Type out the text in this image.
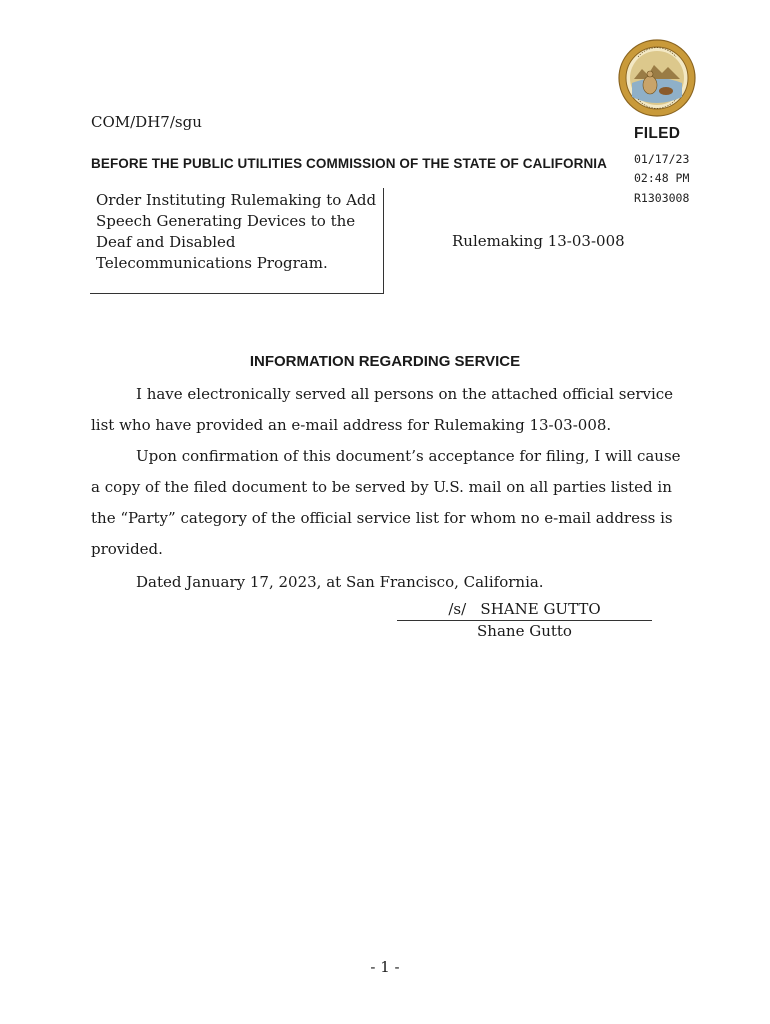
COM/DH7/sgu
FILED
BEFORE THE PUBLIC UTILITIES COMMISSION OF THE STATE OF CALIFORNIA 01/17/23
02:48 PM
R1303008
Order Instituting Rulemaking to Add Speech Generating Devices to the Deaf and Disabled Telecommunications Program.
Rulemaking 13-03-008
INFORMATION REGARDING SERVICE
I have electronically served all persons on the attached official service list who have provided an e-mail address for Rulemaking 13-03-008.
Upon confirmation of this document’s acceptance for filing, I will cause a copy of the filed document to be served by U.S. mail on all parties listed in the “Party” category of the official service list for whom no e-mail address is provided.
Dated January 17, 2023, at San Francisco, California.
/s/   SHANE GUTTO
Shane Gutto
- 1 -
